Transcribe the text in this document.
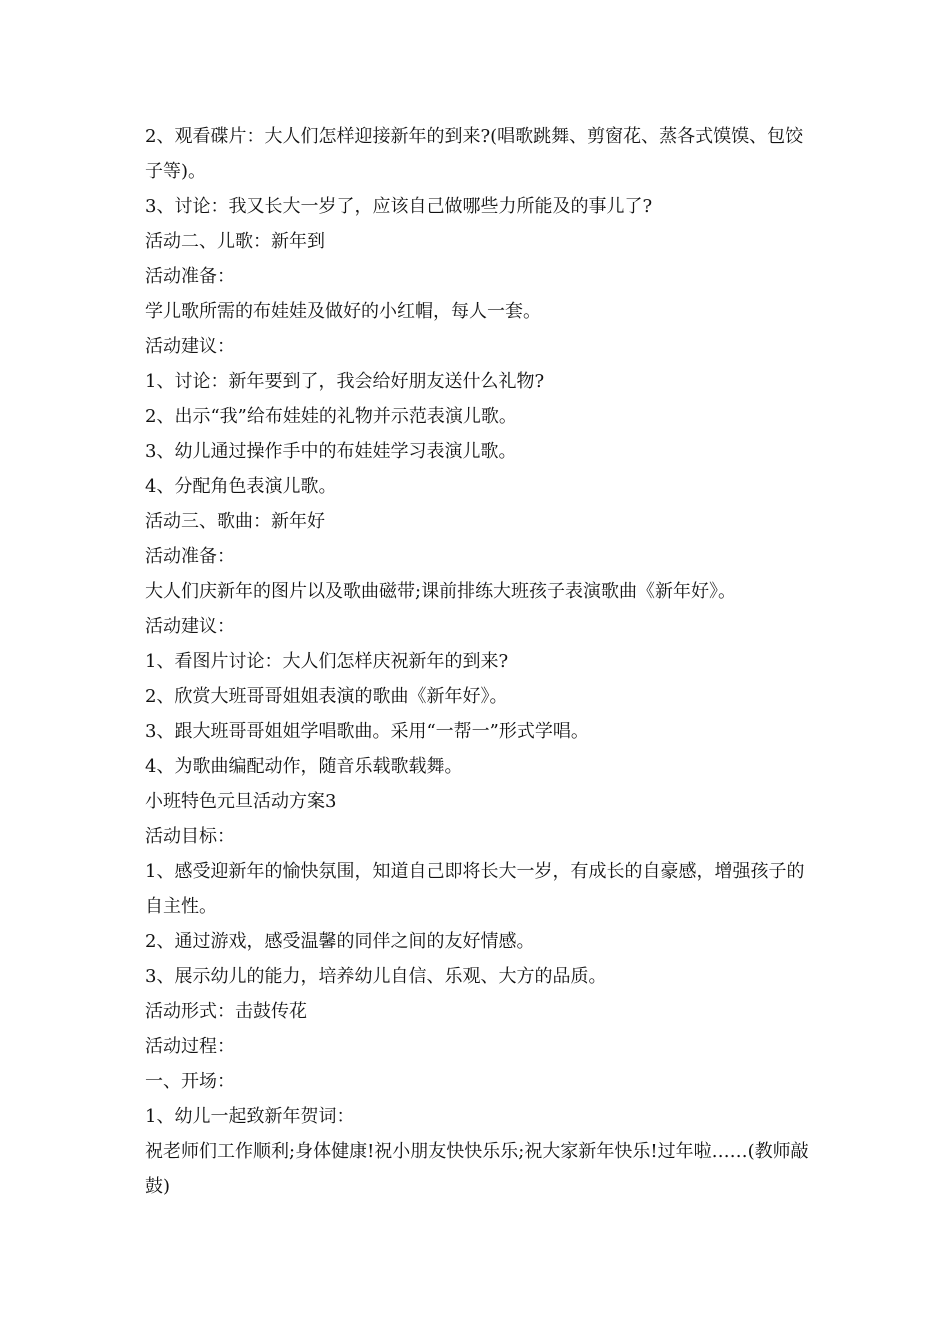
2、观看碟片：大人们怎样迎接新年的到来?(唱歌跳舞、剪窗花、蒸各式馍馍、包饺子等)。

3、讨论：我又长大一岁了，应该自己做哪些力所能及的事儿了?

活动二、儿歌：新年到

活动准备：

学儿歌所需的布娃娃及做好的小红帽，每人一套。

活动建议：

1、讨论：新年要到了，我会给好朋友送什么礼物?

2、出示“我”给布娃娃的礼物并示范表演儿歌。

3、幼儿通过操作手中的布娃娃学习表演儿歌。

4、分配角色表演儿歌。

活动三、歌曲：新年好

活动准备：

大人们庆新年的图片以及歌曲磁带;课前排练大班孩子表演歌曲《新年好》。

活动建议：

1、看图片讨论：大人们怎样庆祝新年的到来?

2、欣赏大班哥哥姐姐表演的歌曲《新年好》。

3、跟大班哥哥姐姐学唱歌曲。采用“一帮一”形式学唱。

4、为歌曲编配动作，随音乐载歌载舞。

小班特色元旦活动方案3

活动目标：

1、感受迎新年的愉快氛围，知道自己即将长大一岁，有成长的自豪感，增强孩子的自主性。

2、通过游戏，感受温馨的同伴之间的友好情感。

3、展示幼儿的能力，培养幼儿自信、乐观、大方的品质。

活动形式：击鼓传花

活动过程：

一、开场：

1、幼儿一起致新年贺词：

祝老师们工作顺利;身体健康!祝小朋友快快乐乐;祝大家新年快乐!过年啦……(教师敲鼓)
